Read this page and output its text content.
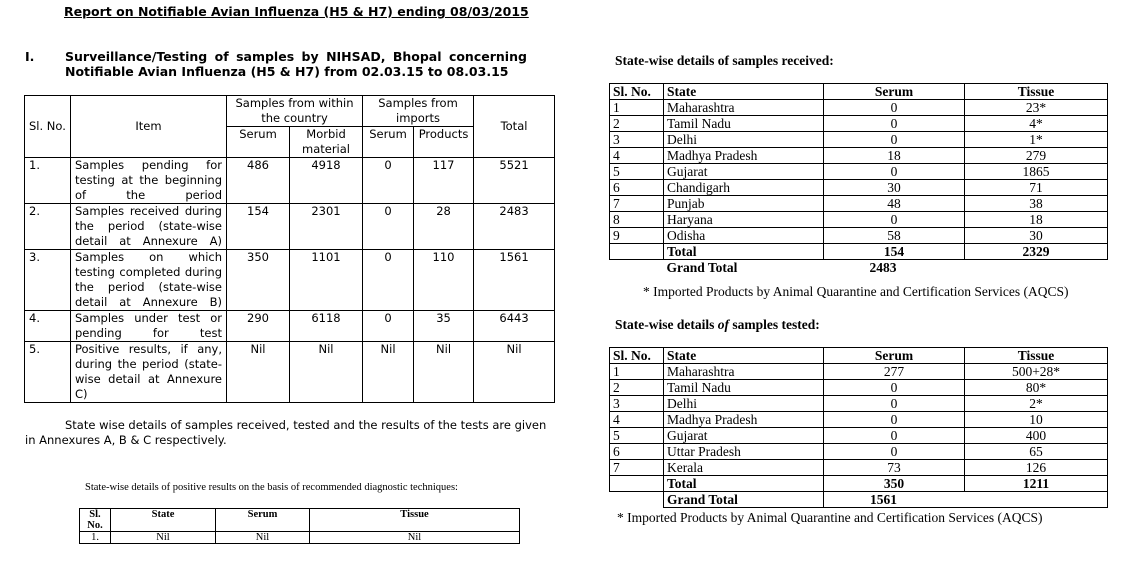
Report on Notifiable Avian Influenza (H5 & H7) ending 08/03/2015
I. Surveillance/Testing of samples by NIHSAD, Bhopal concerning
Notifiable Avian Influenza (H5 & H7) from 02.03.15 to 08.03.15
Sl. No.	Item	Samples from within the country		Samples from imports		Total
		Serum	Morbid material	Serum	Products	
1.	Samples pending for testing at the beginning of the period	486	4918	0	117	5521
2.	Samples received during the period (state-wise detail at Annexure A)	154	2301	0	28	2483
3.	Samples on which testing completed during the period (state-wise detail at Annexure B)	350	1101	0	110	1561
4.	Samples under test or pending for test	290	6118	0	35	6443
5.	Positive results, if any, during the period (state-wise detail at Annexure C)	Nil	Nil	Nil	Nil	Nil
State wise details of samples received, tested and the results of the tests are given
in Annexures A, B & C respectively.
State-wise details of positive results on the basis of recommended diagnostic techniques:
Sl. No.	State	Serum	Tissue
1.	Nil	Nil	Nil
State-wise details of samples received:
Sl. No.	State	Serum	Tissue
1	Maharashtra	0	23*
2	Tamil Nadu	0	4*
3	Delhi	0	1*
4	Madhya Pradesh	18	279
5	Gujarat	0	1865
6	Chandigarh	30	71
7	Punjab	48	38
8	Haryana	0	18
9	Odisha	58	30
	Total	154	2329
	Grand Total	2483	
* Imported Products by Animal Quarantine and Certification Services (AQCS)
State-wise details of samples tested:
Sl. No.	State	Serum	Tissue
1	Maharashtra	277	500+28*
2	Tamil Nadu	0	80*
3	Delhi	0	2*
4	Madhya Pradesh	0	10
5	Gujarat	0	400
6	Uttar Pradesh	0	65
7	Kerala	73	126
	Total	350	1211
	Grand Total	1561	
* Imported Products by Animal Quarantine and Certification Services (AQCS)
